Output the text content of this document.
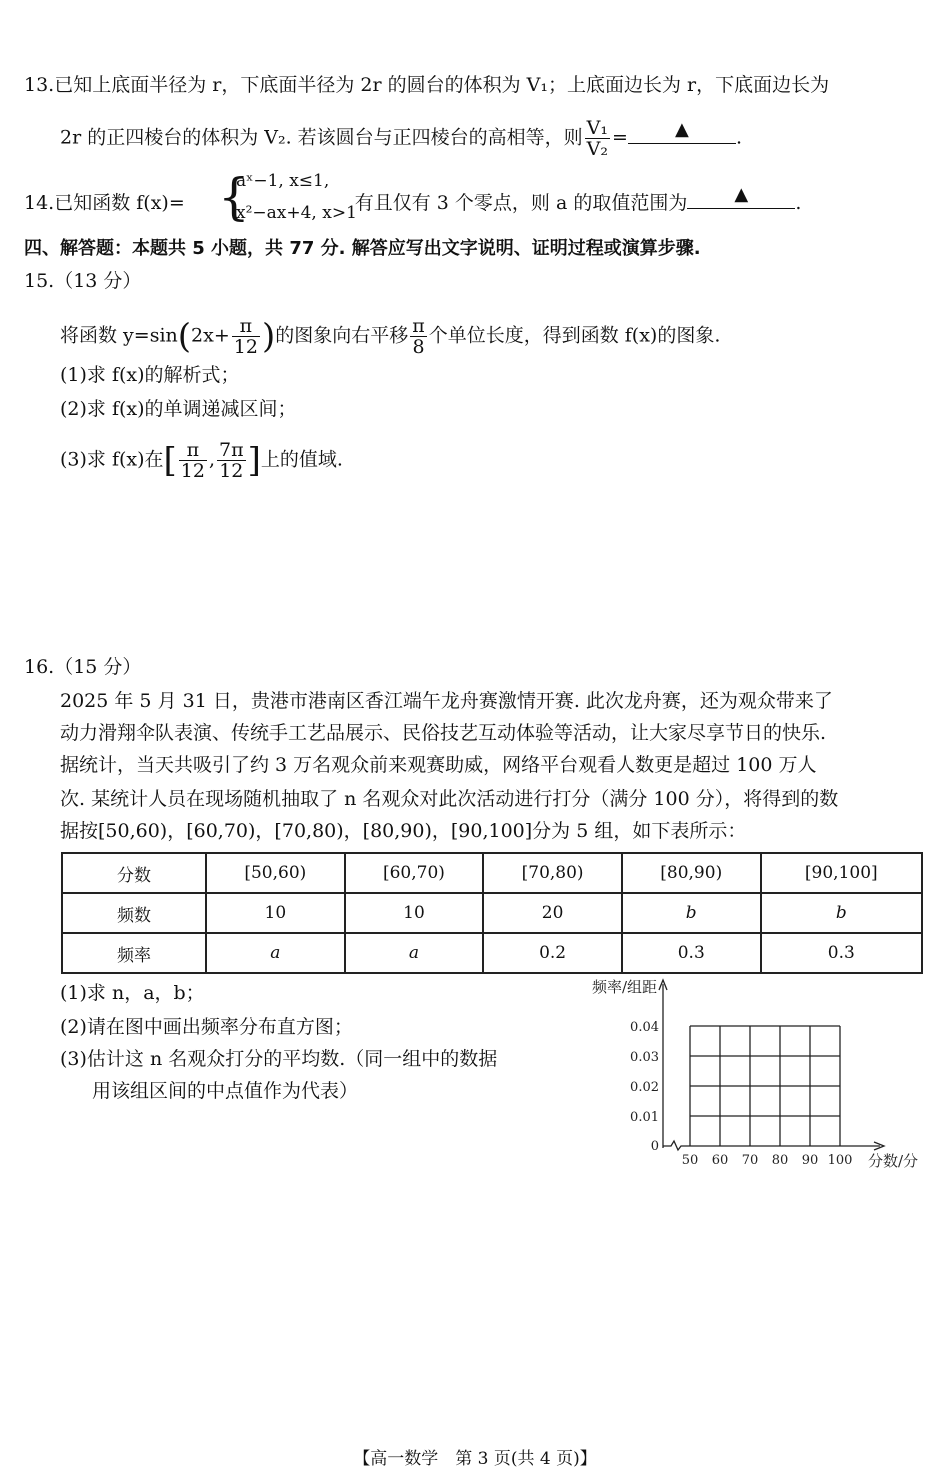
13.已知上底面半径为 r，下底面半径为 2r 的圆台的体积为 V₁；上底面边长为 r，下底面边长为
2r 的正四棱台的体积为 V₂. 若该圆台与正四棱台的高相等，则 $\frac{\text{V₁}}{\text{V₂}}$ =	▲	.
14.已知函数 f(x)=	有且仅有 3 个零点，则 a 的取值范围为	▲	.
{
aˣ−1, x≤1,
x²−ax+4, x>1
四、解答题：本题共 5 小题，共 77 分. 解答应写出文字说明、证明过程或演算步骤.
15.（13 分）
将函数 $y=\sin(2x+ \frac{\pi}{12}$ )的图象向右平移 $\frac{\pi}{8}$ 个单位长度，得到函数 f(x)的图象.
(1)求 f(x)的解析式；
(2)求 f(x)的单调递减区间；
(3)求 f(x)在[ $\frac{\pi}{12}$ , $\frac{7\pi}{12}$ ]上的值域.
16.（15 分）
2025 年 5 月 31 日，贵港市港南区香江端午龙舟赛激情开赛. 此次龙舟赛，还为观众带来了
动力滑翔伞队表演、传统手工艺品展示、民俗技艺互动体验等活动，让大家尽享节日的快乐.
据统计，当天共吸引了约 3 万名观众前来观赛助威，网络平台观看人数更是超过 100 万人
次. 某统计人员在现场随机抽取了 n 名观众对此次活动进行打分（满分 100 分），将得到的数
据按[50,60)，[60,70)，[70,80)，[80,90)，[90,100]分为 5 组，如下表所示：
分数	[50,60)	[60,70)	[70,80)	[80,90)	[90,100]
频数	10	10	20	b	b
频率	a	a	0.2	0.3	0.3
(1)求 n，a，b；
(2)请在图中画出频率分布直方图；
(3)估计这 n 名观众打分的平均数.（同一组中的数据
用该组区间的中点值作为代表）
0.01
0.02
0.03
0.04
0
50 60 70 80 90 100
频率/组距
分数/分
【高一数学　第 3 页(共 4 页)】
